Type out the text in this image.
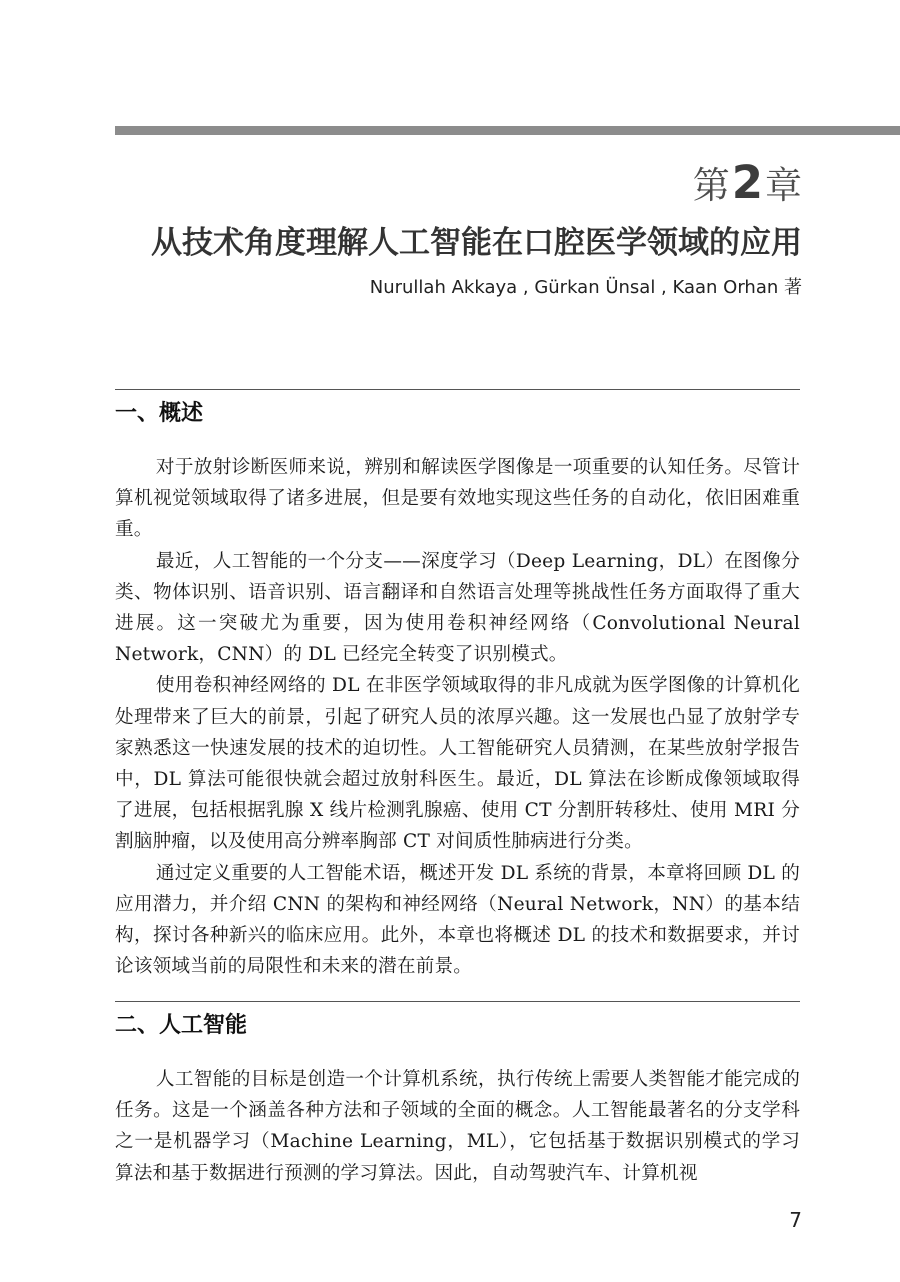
第2章
从技术角度理解人工智能在口腔医学领域的应用
Nurullah Akkaya , Gürkan Ünsal , Kaan Orhan 著
一、概述

对于放射诊断医师来说，辨别和解读医学图像是一项重要的认知任务。尽管计算机视觉领域取得了诸多进展，但是要有效地实现这些任务的自动化，依旧困难重重。

最近，人工智能的一个分支——深度学习（Deep Learning，DL）在图像分类、物体识别、语音识别、语言翻译和自然语言处理等挑战性任务方面取得了重大进展。这一突破尤为重要，因为使用卷积神经网络（Convolutional Neural Network，CNN）的 DL 已经完全转变了识别模式。

使用卷积神经网络的 DL 在非医学领域取得的非凡成就为医学图像的计算机化处理带来了巨大的前景，引起了研究人员的浓厚兴趣。这一发展也凸显了放射学专家熟悉这一快速发展的技术的迫切性。人工智能研究人员猜测，在某些放射学报告中，DL 算法可能很快就会超过放射科医生。最近，DL 算法在诊断成像领域取得了进展，包括根据乳腺 X 线片检测乳腺癌、使用 CT 分割肝转移灶、使用 MRI 分割脑肿瘤，以及使用高分辨率胸部 CT 对间质性肺病进行分类。

通过定义重要的人工智能术语，概述开发 DL 系统的背景，本章将回顾 DL 的应用潜力，并介绍 CNN 的架构和神经网络（Neural Network，NN）的基本结构，探讨各种新兴的临床应用。此外，本章也将概述 DL 的技术和数据要求，并讨论该领域当前的局限性和未来的潜在前景。

二、人工智能

人工智能的目标是创造一个计算机系统，执行传统上需要人类智能才能完成的任务。这是一个涵盖各种方法和子领域的全面的概念。人工智能最著名的分支学科之一是机器学习（Machine Learning，ML），它包括基于数据识别模式的学习算法和基于数据进行预测的学习算法。因此，自动驾驶汽车、计算机视

7
